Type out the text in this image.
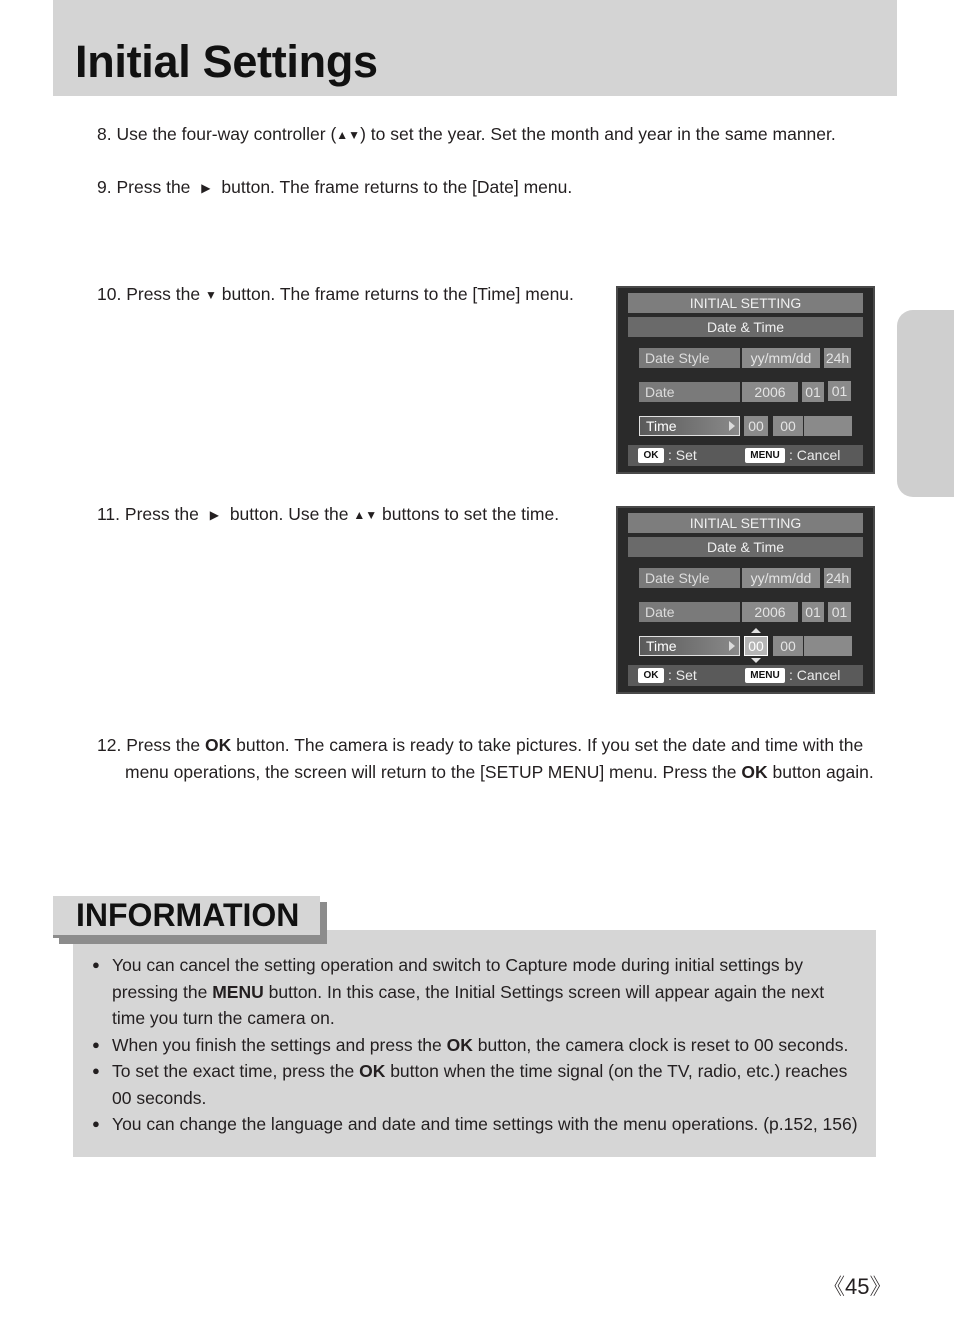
Initial Settings

8. Use the four-way controller (▲▼) to set the year. Set the month and year in the same manner.

9. Press the ▶ button. The frame returns to the [Date] menu.

10. Press the ▼ button. The frame returns to the [Time] menu.	INITIAL SETTING
Date & Time
Date Style	yy/mm/dd	24h
Date	2006	01 01
Time	00	00
OK : Set	MENU : Cancel

11. Press the ▶ button. Use the ▲▼ buttons to set the time.	INITIAL SETTING
Date & Time
Date Style	yy/mm/dd	24h
Date	2006	01 01
Time	00	00
OK : Set	MENU : Cancel
12. Press the OK button. The camera is ready to take pictures. If you set the date and time with the
menu operations, the screen will return to the [SETUP MENU] menu. Press the OK button again.
INFORMATION
● You can cancel the setting operation and switch to Capture mode during initial settings by pressing the MENU button. In this case, the Initial Settings screen will appear again the next time you turn the camera on.
● When you finish the settings and press the OK button, the camera clock is reset to 00 seconds.
● To set the exact time, press the OK button when the time signal (on the TV, radio, etc.) reaches 00 seconds.
● You can change the language and date and time settings with the menu operations. (p.152, 156)
《45》
